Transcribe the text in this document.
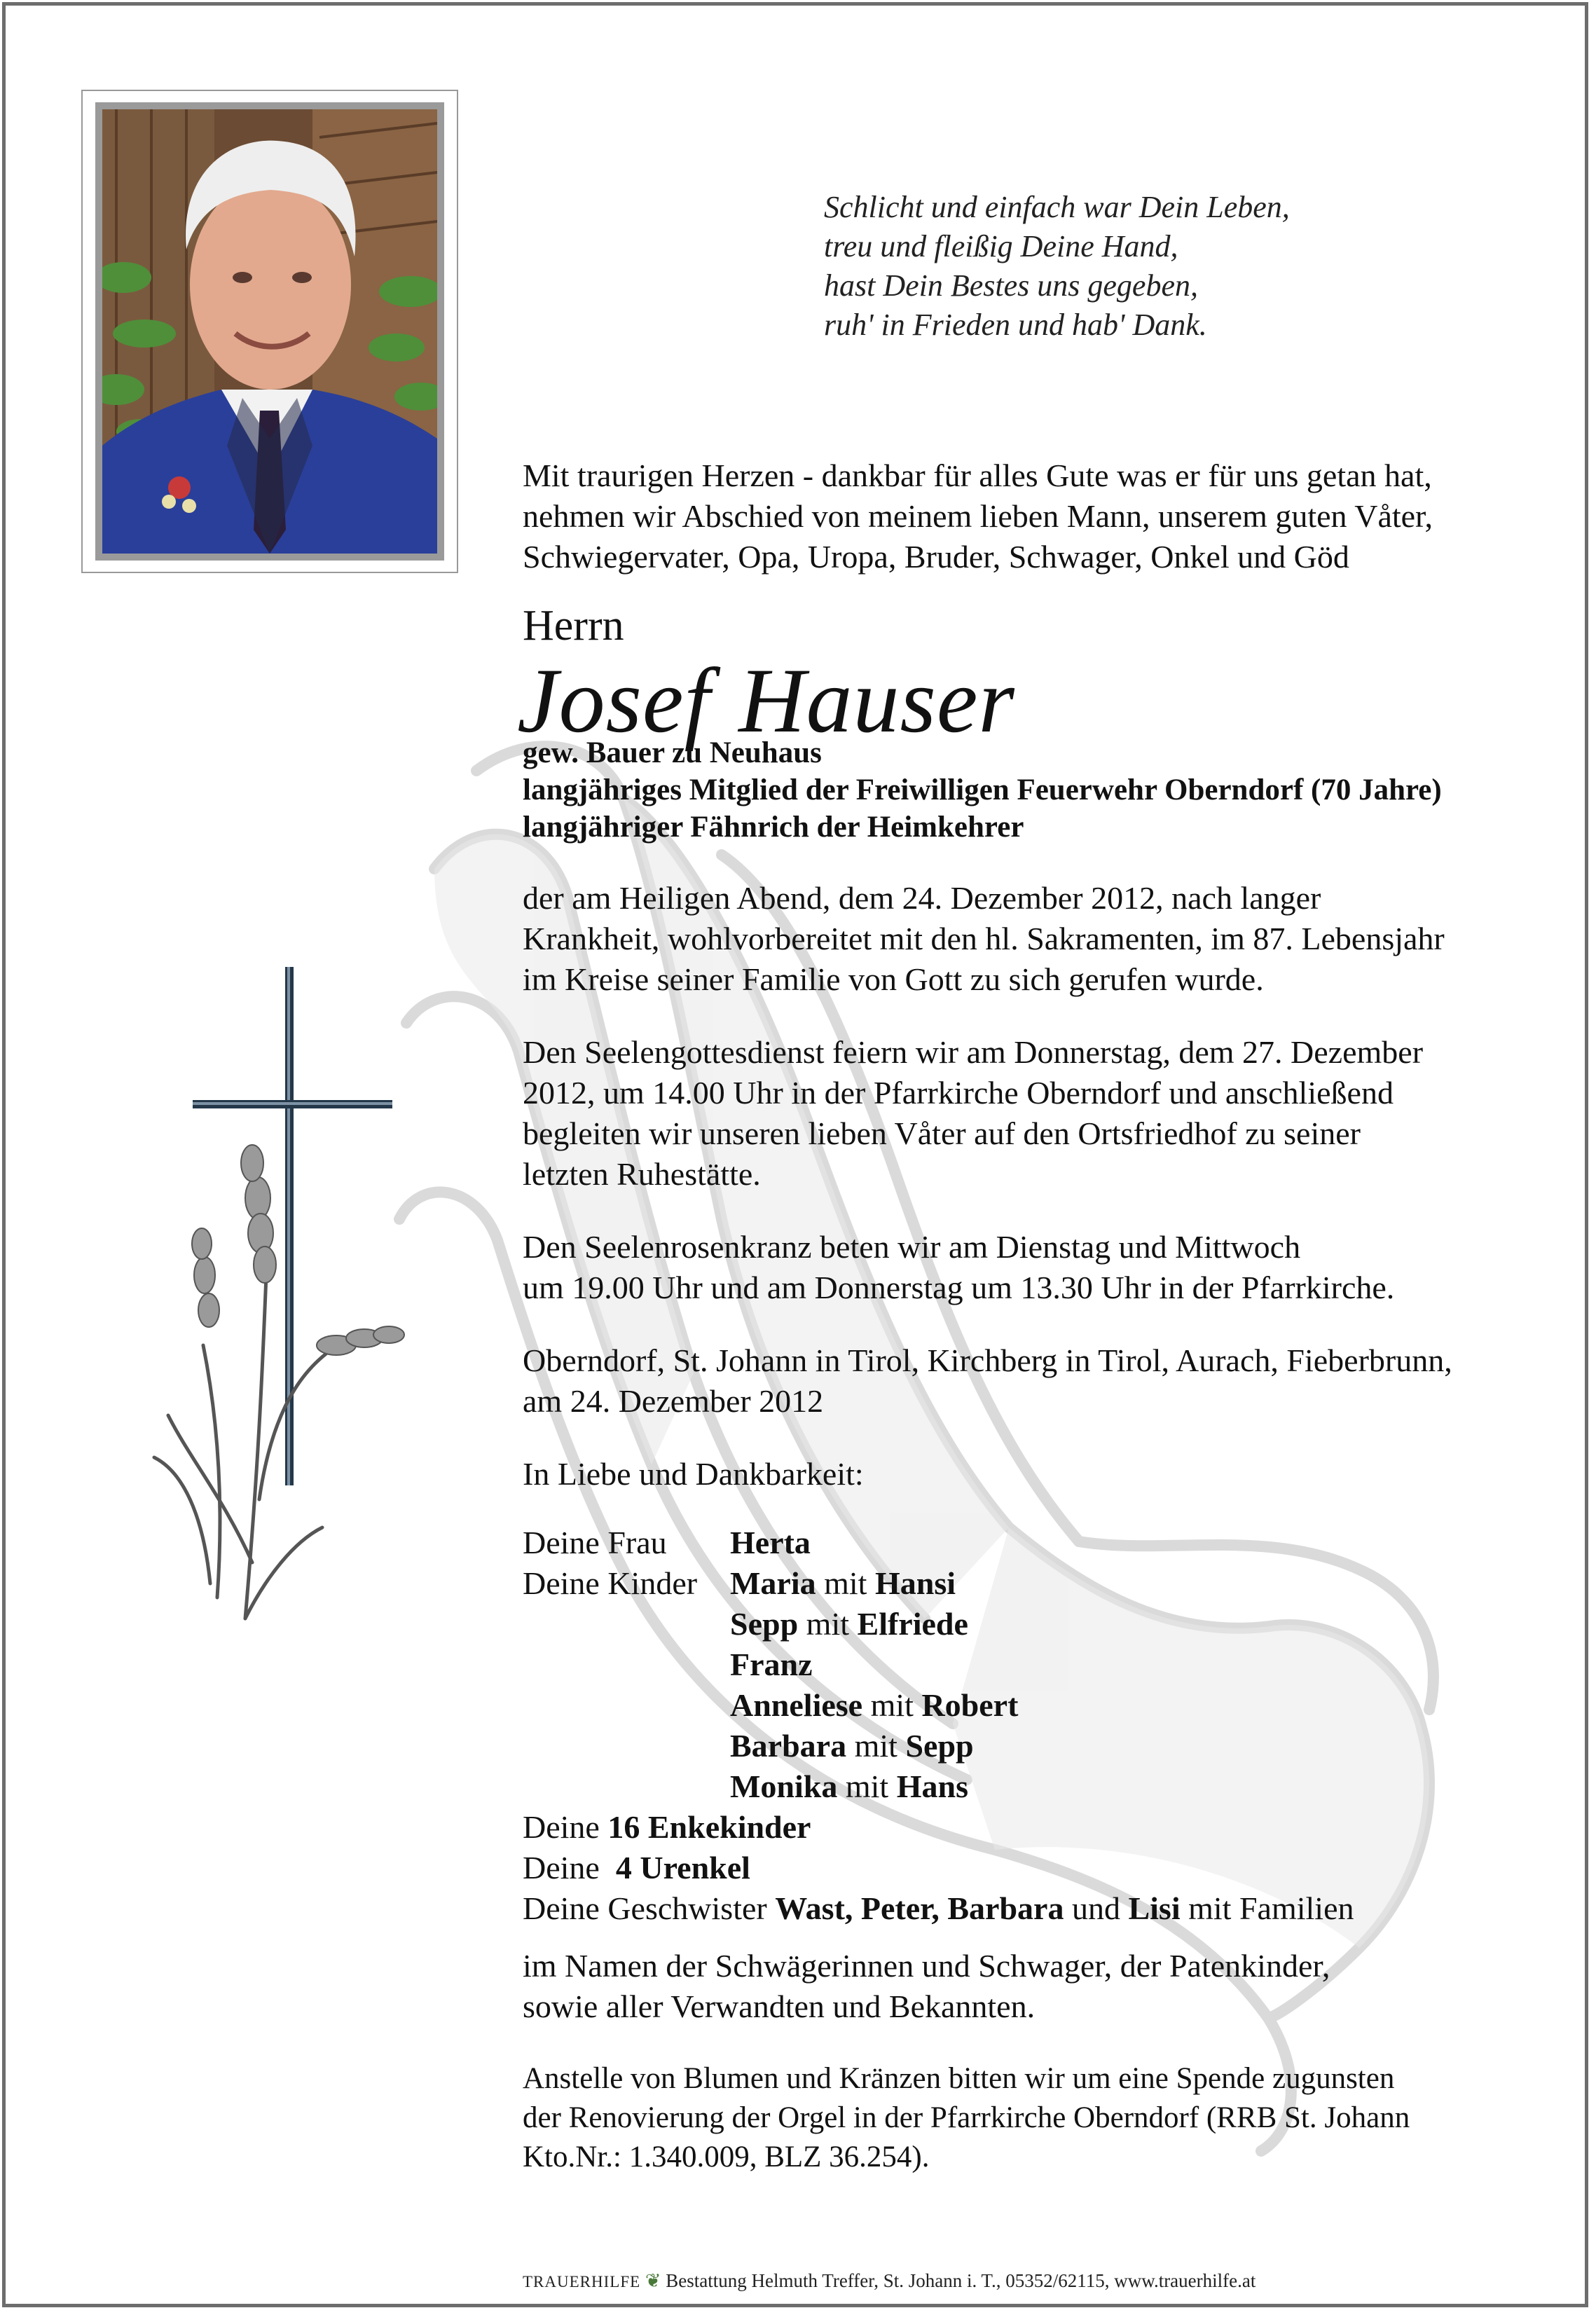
Schlicht und einfach war Dein Leben,
treu und fleißig Deine Hand,
hast Dein Bestes uns gegeben,
ruh' in Frieden und hab' Dank.
Mit traurigen Herzen - dankbar für alles Gute was er für uns getan hat,
nehmen wir Abschied von meinem lieben Mann, unserem guten Våter,
Schwiegervater, Opa, Uropa, Bruder, Schwager, Onkel und Göd
Herrn
Josef Hauser
gew. Bauer zu Neuhaus
langjähriges Mitglied der Freiwilligen Feuerwehr Oberndorf (70 Jahre)
langjähriger Fähnrich der Heimkehrer
der am Heiligen Abend, dem 24. Dezember 2012, nach langer
Krankheit, wohlvorbereitet mit den hl. Sakramenten, im 87. Lebensjahr
im Kreise seiner Familie von Gott zu sich gerufen wurde.
Den Seelengottesdienst feiern wir am Donnerstag, dem 27. Dezember
2012, um 14.00 Uhr in der Pfarrkirche Oberndorf und anschließend
begleiten wir unseren lieben Våter auf den Ortsfriedhof zu seiner
letzten Ruhestätte.
Den Seelenrosenkranz beten wir am Dienstag und Mittwoch
um 19.00 Uhr und am Donnerstag um 13.30 Uhr in der Pfarrkirche.
Oberndorf, St. Johann in Tirol, Kirchberg in Tirol, Aurach, Fieberbrunn,
am 24. Dezember 2012
In Liebe und Dankbarkeit:
Deine Frau Herta
Deine Kinder Maria mit Hansi
Sepp mit Elfriede
Franz
Anneliese mit Robert
Barbara mit Sepp
Monika mit Hans
Deine 16 Enkekinder
Deine 4 Urenkel
Deine Geschwister Wast, Peter, Barbara und Lisi mit Familien
im Namen der Schwägerinnen und Schwager, der Patenkinder,
sowie aller Verwandten und Bekannten.
Anstelle von Blumen und Kränzen bitten wir um eine Spende zugunsten
der Renovierung der Orgel in der Pfarrkirche Oberndorf (RRB St. Johann
Kto.Nr.: 1.340.009, BLZ 36.254).
TRAUERHILFE ❦ Bestattung Helmuth Treffer, St. Johann i. T., 05352/62115, www.trauerhilfe.at
